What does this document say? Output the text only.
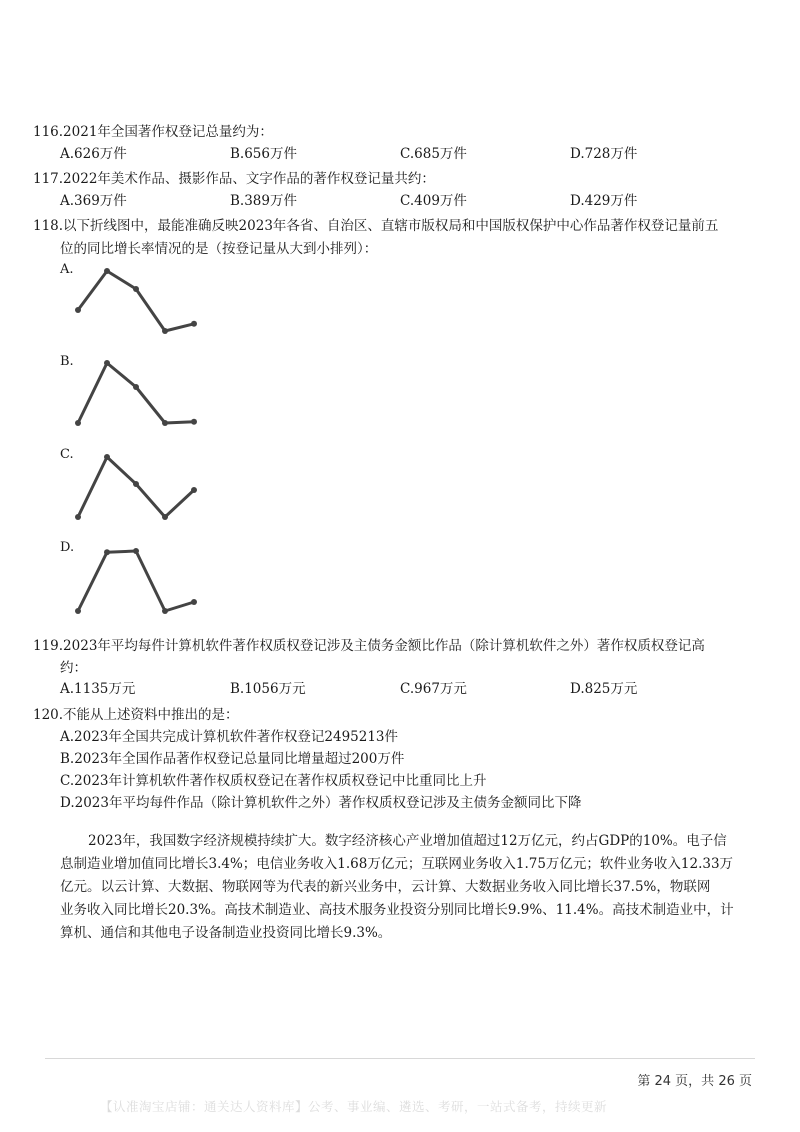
116.2021年全国著作权登记总量约为：
A.626万件	B.656万件	C.685万件	D.728万件
117.2022年美术作品、摄影作品、文字作品的著作权登记量共约：
A.369万件	B.389万件	C.409万件	D.429万件
118.以下折线图中，最能准确反映2023年各省、自治区、直辖市版权局和中国版权保护中心作品著作权登记量前五
位的同比增长率情况的是（按登记量从大到小排列）：
A.
B.
C.
D.
119.2023年平均每件计算机软件著作权质权登记涉及主债务金额比作品（除计算机软件之外）著作权质权登记高
约：
A.1135万元	B.1056万元	C.967万元	D.825万元
120.不能从上述资料中推出的是：
A.2023年全国共完成计算机软件著作权登记2495213件
B.2023年全国作品著作权登记总量同比增量超过200万件
C.2023年计算机软件著作权质权登记在著作权质权登记中比重同比上升
D.2023年平均每件作品（除计算机软件之外）著作权质权登记涉及主债务金额同比下降
2023年，我国数字经济规模持续扩大。数字经济核心产业增加值超过12万亿元，约占GDP的10%。电子信
息制造业增加值同比增长3.4%；电信业务收入1.68万亿元；互联网业务收入1.75万亿元；软件业务收入12.33万
亿元。以云计算、大数据、物联网等为代表的新兴业务中，云计算、大数据业务收入同比增长37.5%，物联网
业务收入同比增长20.3%。高技术制造业、高技术服务业投资分别同比增长9.9%、11.4%。高技术制造业中，计
算机、通信和其他电子设备制造业投资同比增长9.3%。
第 24 页，共 26 页
【认准淘宝店铺：通关达人资料库】公考、事业编、遴选、考研，一站式备考，持续更新
